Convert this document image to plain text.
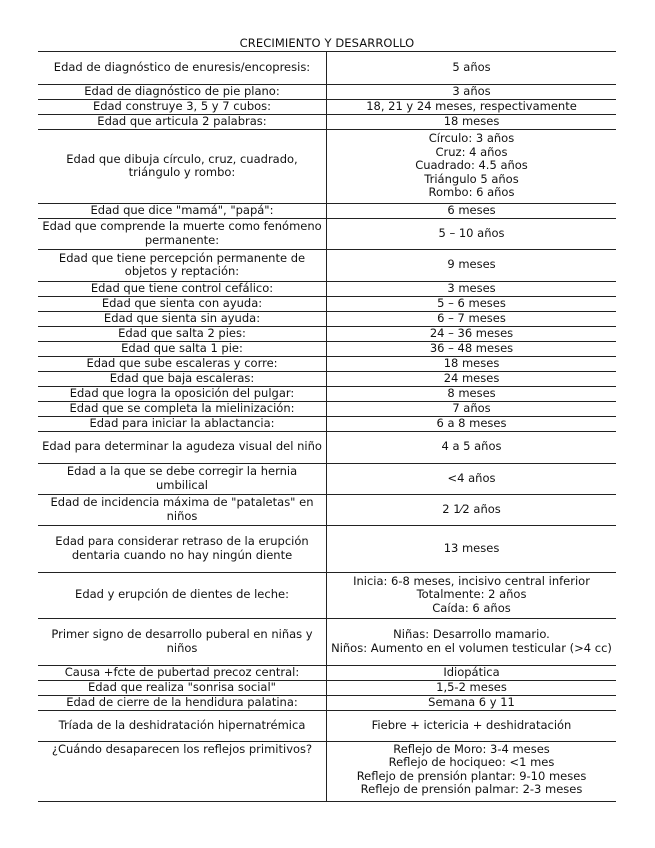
CRECIMIENTO Y DESARROLLO
Edad de diagnóstico de enuresis/encopresis:	5 años

Edad de diagnóstico de pie plano:	3 años

Edad construye 3, 5 y 7 cubos:	18, 21 y 24 meses, respectivamente

Edad que articula 2 palabras:	18 meses

Edad que dibuja círculo, cruz, cuadrado, triángulo y rombo:	Círculo: 3 años
Cruz: 4 años
Cuadrado: 4.5 años
Triángulo 5 años
Rombo: 6 años

Edad que dice "mamá", "papá":	6 meses

Edad que comprende la muerte como fenómeno permanente:	5 – 10 años

Edad que tiene percepción permanente de objetos y reptación:	9 meses

Edad que tiene control cefálico:	3 meses

Edad que sienta con ayuda:	5 – 6 meses

Edad que sienta sin ayuda:	6 – 7 meses

Edad que salta 2 pies:	24 – 36 meses

Edad que salta 1 pie:	36 – 48 meses

Edad que sube escaleras y corre:	18 meses

Edad que baja escaleras:	24 meses

Edad que logra la oposición del pulgar:	8 meses

Edad que se completa la mielinización:	7 años

Edad para iniciar la ablactancia:	6 a 8 meses

Edad para determinar la agudeza visual del niño	4 a 5 años

Edad a la que se debe corregir la hernia umbilical	<4 años

Edad de incidencia máxima de "pataletas" en niños	2 1⁄2 años

Edad para considerar retraso de la erupción dentaria cuando no hay ningún diente	13 meses

Edad y erupción de dientes de leche:	Inicia: 6-8 meses, incisivo central inferior
Totalmente: 2 años
Caída: 6 años

Primer signo de desarrollo puberal en niñas y niños	Niñas: Desarrollo mamario.
Niños: Aumento en el volumen testicular (>4 cc)

Causa +fcte de pubertad precoz central:	Idiopática

Edad que realiza "sonrisa social"	1,5-2 meses

Edad de cierre de la hendidura palatina:	Semana 6 y 11

Tríada de la deshidratación hipernatrémica	Fiebre + ictericia + deshidratación

¿Cuándo desaparecen los reflejos primitivos?	Reflejo de Moro: 3-4 meses
Reflejo de hociqueo: <1 mes
Reflejo de prensión plantar: 9-10 meses
Reflejo de prensión palmar: 2-3 meses
